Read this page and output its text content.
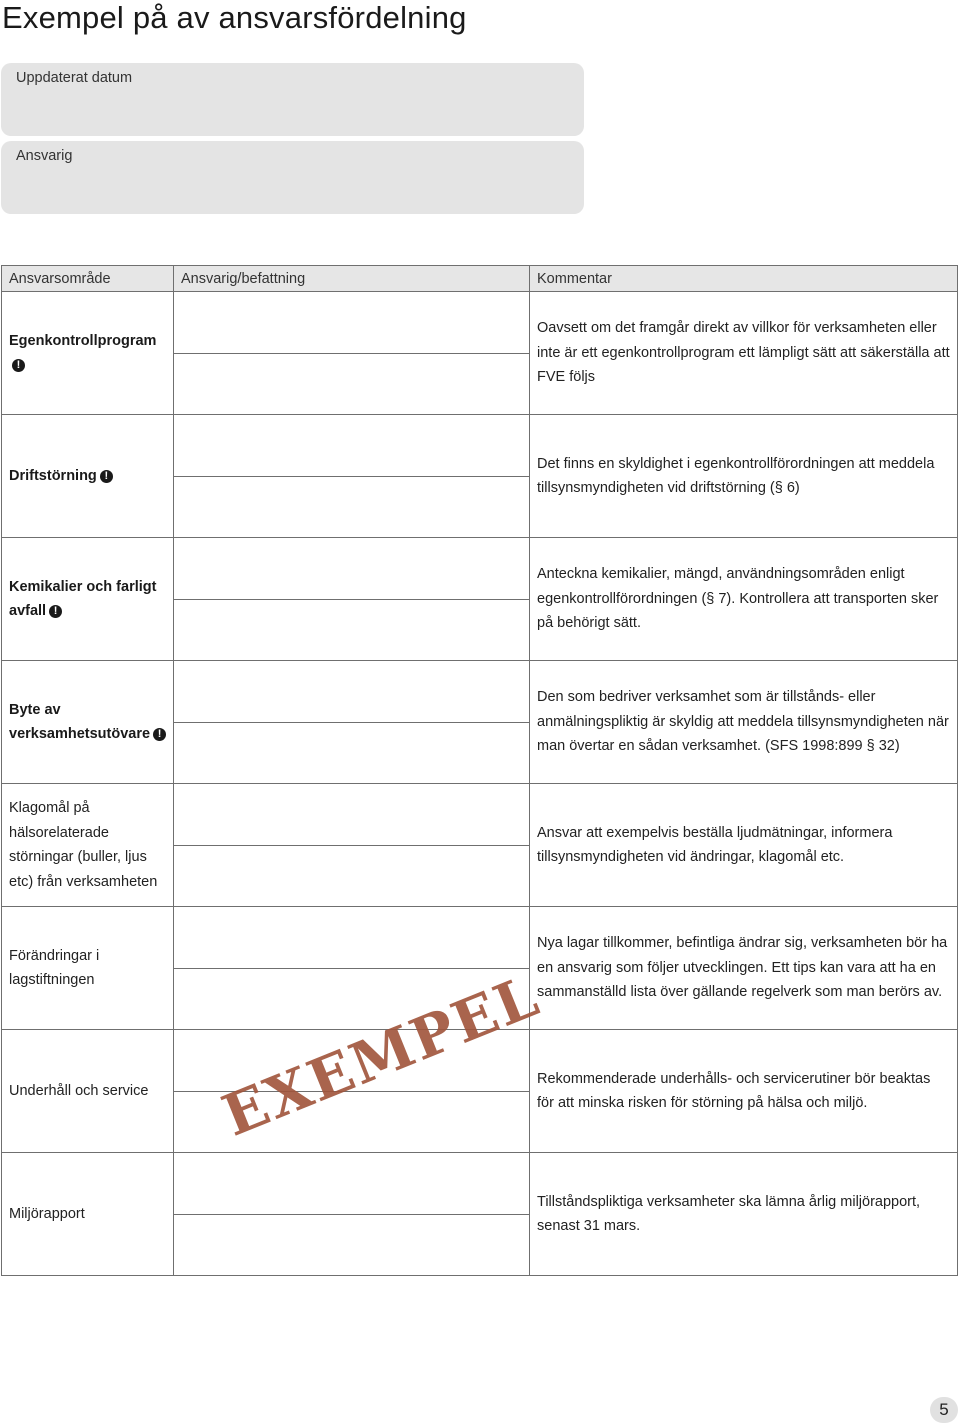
Exempel på av ansvarsfördelning
Uppdaterat datum
Ansvarig
Ansvarsområde	Ansvarig/befattning	Kommentar

Egenkontrollprogram!		Oavsett om det framgår direkt av villkor för verksamheten eller inte är ett egenkontrollprogram ett lämpligt sätt att säkerställa att FVE följs

Driftstörning !		Det finns en skyldighet i egenkontrollförordningen att meddela tillsynsmyndigheten vid driftstörning (§ 6)

Kemikalier och farligt avfall !		Anteckna kemikalier, mängd, användningsområden enligt egenkontrollförordningen (§ 7). Kontrollera att transporten sker på behörigt sätt.

Byte av verksamhetsutövare !		Den som bedriver verksamhet som är tillstånds- eller anmälningspliktig är skyldig att meddela tillsynsmyndigheten när man övertar en sådan verksamhet. (SFS 1998:899 § 32)

Klagomål på hälsorelaterade störningar (buller, ljus etc) från verksamheten		Ansvar att exempelvis beställa ljudmätningar, informera tillsynsmyndigheten vid ändringar, klagomål etc.

Förändringar i lagstiftningen		Nya lagar tillkommer, befintliga ändrar sig, verksamheten bör ha en ansvarig som följer utvecklingen. Ett tips kan vara att ha en sammanställd lista över gällande regelverk som man berörs av.

Underhåll och service		Rekommenderade underhålls- och servicerutiner bör beaktas för att minska risken för störning på hälsa och miljö.

Miljörapport		Tillståndspliktiga verksamheter ska lämna årlig miljörapport, senast 31 mars.
EXEMPEL
5
